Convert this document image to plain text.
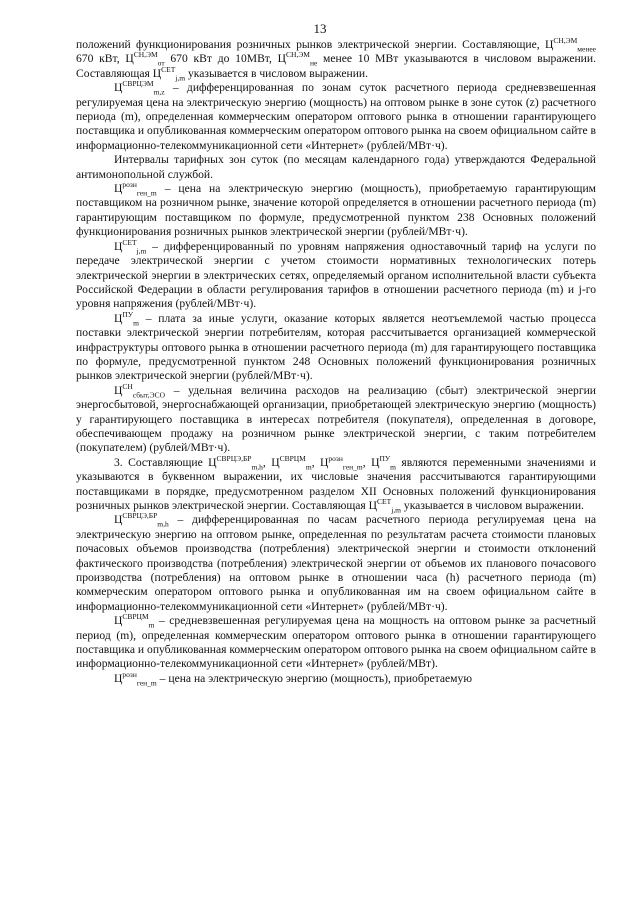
13

положений функционирования розничных рынков электрической энергии. Составляющие, $Ц^{СН,ЭМ}_{менее}$ 670 кВт, $Ц^{СН,ЭМ}_{от}$ 670 кВт до 10МВт, $Ц^{СН,ЭМ}_{не}$ менее 10 МВт указываются в числовом выражении. Составляющая $Ц^{СЕТ}_{j,m}$ указывается в числовом выражении.

$Ц^{СВРЦЭМ}_{m,z}$ – дифференцированная по зонам суток расчетного периода средневзвешенная регулируемая цена на электрическую энергию (мощность) на оптовом рынке в зоне суток (z) расчетного периода (m), определенная коммерческим оператором оптового рынка в отношении гарантирующего поставщика и опубликованная коммерческим оператором оптового рынка на своем официальном сайте в информационно-телекоммуникационной сети «Интернет» (рублей/МВт·ч).

Интервалы тарифных зон суток (по месяцам календарного года) утверждаются Федеральной антимонопольной службой.

$Ц^{розн}_{ген\_m}$ – цена на электрическую энергию (мощность), приобретаемую гарантирующим поставщиком на розничном рынке, значение которой определяется в отношении расчетного периода (m) гарантирующим поставщиком по формуле, предусмотренной пунктом 238 Основных положений функционирования розничных рынков электрической энергии (рублей/МВт·ч).

$Ц^{СЕТ}_{j,m}$ – дифференцированный по уровням напряжения одноставочный тариф на услуги по передаче электрической энергии с учетом стоимости нормативных технологических потерь электрической энергии в электрических сетях, определяемый органом исполнительной власти субъекта Российской Федерации в области регулирования тарифов в отношении расчетного периода (m) и j-го уровня напряжения (рублей/МВт·ч).

$Ц^{ПУ}_m$ – плата за иные услуги, оказание которых является неотъемлемой частью процесса поставки электрической энергии потребителям, которая рассчитывается организацией коммерческой инфраструктуры оптового рынка в отношении расчетного периода (m) для гарантирующего поставщика по формуле, предусмотренной пунктом 248 Основных положений функционирования розничных рынков электрической энергии (рублей/МВт·ч).

$Ц^{СН}_{сбыт,ЭСО}$ – удельная величина расходов на реализацию (сбыт) электрической энергии энергосбытовой, энергоснабжающей организации, приобретающей электрическую энергию (мощность) у гарантирующего поставщика в интересах потребителя (покупателя), определенная в договоре, обеспечивающем продажу на розничном рынке электрической энергии, с таким потребителем (покупателем) (рублей/МВт·ч).

3. Составляющие $Ц^{СВРЦЭ,БР}_{m,h}$, $Ц^{СВРЦМ}_m$, $Ц^{розн}_{ген\_m}$, $Ц^{ПУ}_m$ являются переменными значениями и указываются в буквенном выражении, их числовые значения рассчитываются гарантирующими поставщиками в порядке, предусмотренном разделом XII Основных положений функционирования розничных рынков электрической энергии. Составляющая $Ц^{СЕТ}_{j,m}$ указывается в числовом выражении.

$Ц^{СВРЦЭ,БР}_{m,h}$ – дифференцированная по часам расчетного периода регулируемая цена на электрическую энергию на оптовом рынке, определенная по результатам расчета стоимости плановых почасовых объемов производства (потребления) электрической энергии и стоимости отклонений фактического производства (потребления) электрической энергии от объемов их планового почасового производства (потребления) на оптовом рынке в отношении часа (h) расчетного периода (m) коммерческим оператором оптового рынка и опубликованная им на своем официальном сайте в информационно-телекоммуникационной сети «Интернет» (рублей/МВт·ч).

$Ц^{СВРЦМ}_m$ – средневзвешенная регулируемая цена на мощность на оптовом рынке за расчетный период (m), определенная коммерческим оператором оптового рынка в отношении гарантирующего поставщика и опубликованная коммерческим оператором оптового рынка на своем официальном сайте в информационно-телекоммуникационной сети «Интернет» (рублей/МВт).

$Ц^{розн}_{ген\_m}$ – цена на электрическую энергию (мощность), приобретаемую
